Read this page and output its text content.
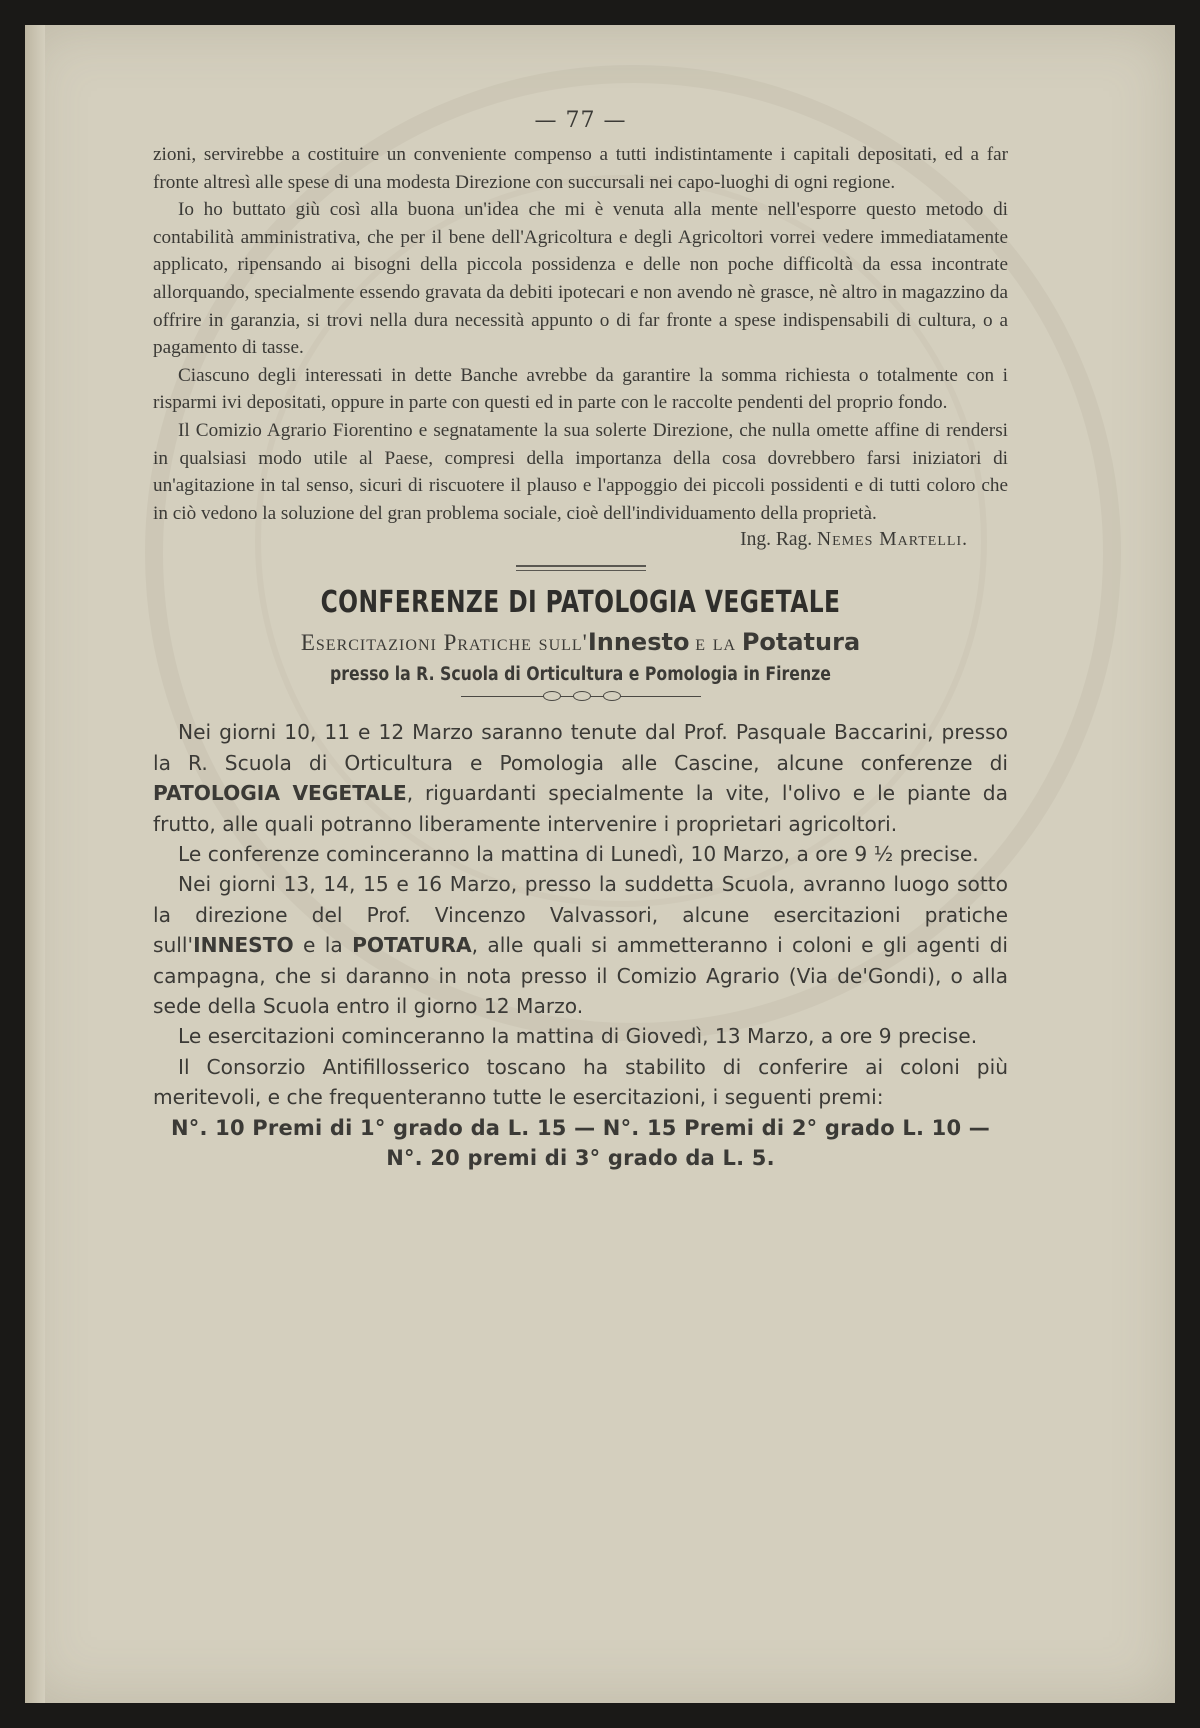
— 77 —

zioni, servirebbe a costituire un conveniente compenso a tutti indistintamente i capitali depositati, ed a far fronte altresì alle spese di una modesta Direzione con succursali nei capo-luoghi di ogni regione.

Io ho buttato giù così alla buona un'idea che mi è venuta alla mente nell'esporre questo metodo di contabilità amministrativa, che per il bene dell'Agricoltura e degli Agricoltori vorrei vedere immediatamente applicato, ripensando ai bisogni della piccola possidenza e delle non poche difficoltà da essa incontrate allorquando, specialmente essendo gravata da debiti ipotecari e non avendo nè grasce, nè altro in magazzino da offrire in garanzia, si trovi nella dura necessità appunto o di far fronte a spese indispensabili di cultura, o a pagamento di tasse.

Ciascuno degli interessati in dette Banche avrebbe da garantire la somma richiesta o totalmente con i risparmi ivi depositati, oppure in parte con questi ed in parte con le raccolte pendenti del proprio fondo.

Il Comizio Agrario Fiorentino e segnatamente la sua solerte Direzione, che nulla omette affine di rendersi in qualsiasi modo utile al Paese, compresi della importanza della cosa dovrebbero farsi iniziatori di un'agitazione in tal senso, sicuri di riscuotere il plauso e l'appoggio dei piccoli possidenti e di tutti coloro che in ciò vedono la soluzione del gran problema sociale, cioè dell'individuamento della proprietà.

Ing. Rag. Nemes Martelli.
CONFERENZE DI PATOLOGIA VEGETALE
Esercitazioni Pratiche sull'Innesto e la Potatura
presso la R. Scuola di Orticultura e Pomologia in Firenze

Nei giorni 10, 11 e 12 Marzo saranno tenute dal Prof. Pasquale Baccarini, presso la R. Scuola di Orticultura e Pomologia alle Cascine, alcune conferenze di PATOLOGIA VEGETALE, riguardanti specialmente la vite, l'olivo e le piante da frutto, alle quali potranno liberamente intervenire i proprietari agricoltori.

Le conferenze cominceranno la mattina di Lunedì, 10 Marzo, a ore 9 ½ precise.

Nei giorni 13, 14, 15 e 16 Marzo, presso la suddetta Scuola, avranno luogo sotto la direzione del Prof. Vincenzo Valvassori, alcune esercitazioni pratiche sull'INNESTO e la POTATURA, alle quali si ammetteranno i coloni e gli agenti di campagna, che si daranno in nota presso il Comizio Agrario (Via de'Gondi), o alla sede della Scuola entro il giorno 12 Marzo.

Le esercitazioni cominceranno la mattina di Giovedì, 13 Marzo, a ore 9 precise.

Il Consorzio Antifillosserico toscano ha stabilito di conferire ai coloni più meritevoli, e che frequenteranno tutte le esercitazioni, i seguenti premi:

N°. 10 Premi di 1° grado da L. 15 — N°. 15 Premi di 2° grado L. 10 —

N°. 20 premi di 3° grado da L. 5.
